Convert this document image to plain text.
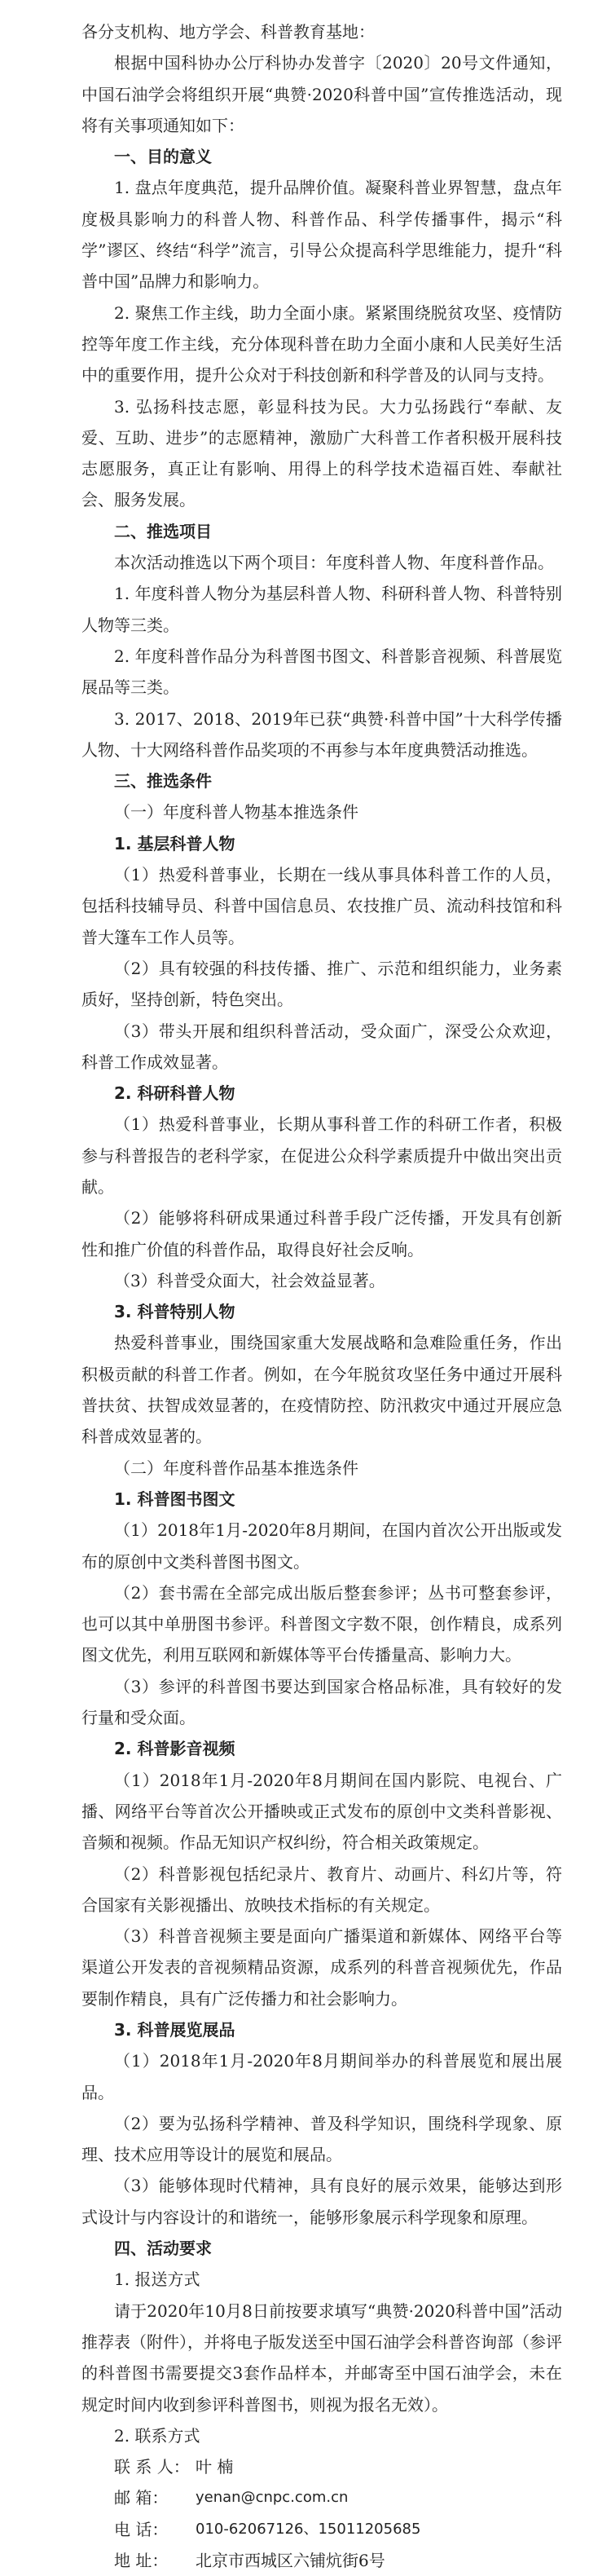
各分支机构、地方学会、科普教育基地：

根据中国科协办公厅科协办发普字〔2020〕20号文件通知，中国石油学会将组织开展“典赞·2020科普中国”宣传推选活动，现将有关事项通知如下：

一、目的意义

1. 盘点年度典范，提升品牌价值。凝聚科普业界智慧，盘点年度极具影响力的科普人物、科普作品、科学传播事件，揭示“科学”谬区、终结“科学”流言，引导公众提高科学思维能力，提升“科普中国”品牌力和影响力。

2. 聚焦工作主线，助力全面小康。紧紧围绕脱贫攻坚、疫情防控等年度工作主线，充分体现科普在助力全面小康和人民美好生活中的重要作用，提升公众对于科技创新和科学普及的认同与支持。

3. 弘扬科技志愿，彰显科技为民。大力弘扬践行“奉献、友爱、互助、进步”的志愿精神，激励广大科普工作者积极开展科技志愿服务，真正让有影响、用得上的科学技术造福百姓、奉献社会、服务发展。

二、推选项目

本次活动推选以下两个项目：年度科普人物、年度科普作品。

1. 年度科普人物分为基层科普人物、科研科普人物、科普特别人物等三类。

2. 年度科普作品分为科普图书图文、科普影音视频、科普展览展品等三类。

3. 2017、2018、2019年已获“典赞·科普中国”十大科学传播人物、十大网络科普作品奖项的不再参与本年度典赞活动推选。

三、推选条件

（一）年度科普人物基本推选条件

1. 基层科普人物

（1）热爱科普事业，长期在一线从事具体科普工作的人员，包括科技辅导员、科普中国信息员、农技推广员、流动科技馆和科普大篷车工作人员等。

（2）具有较强的科技传播、推广、示范和组织能力，业务素质好，坚持创新，特色突出。

（3）带头开展和组织科普活动，受众面广，深受公众欢迎，科普工作成效显著。

2. 科研科普人物

（1）热爱科普事业，长期从事科普工作的科研工作者，积极参与科普报告的老科学家，在促进公众科学素质提升中做出突出贡献。

（2）能够将科研成果通过科普手段广泛传播，开发具有创新性和推广价值的科普作品，取得良好社会反响。

（3）科普受众面大，社会效益显著。

3. 科普特别人物

热爱科普事业，围绕国家重大发展战略和急难险重任务，作出积极贡献的科普工作者。例如，在今年脱贫攻坚任务中通过开展科普扶贫、扶智成效显著的，在疫情防控、防汛救灾中通过开展应急科普成效显著的。

（二）年度科普作品基本推选条件

1. 科普图书图文

（1）2018年1月-2020年8月期间，在国内首次公开出版或发布的原创中文类科普图书图文。

（2）套书需在全部完成出版后整套参评；丛书可整套参评，也可以其中单册图书参评。科普图文字数不限，创作精良，成系列图文优先，利用互联网和新媒体等平台传播量高、影响力大。

（3）参评的科普图书要达到国家合格品标准，具有较好的发行量和受众面。

2. 科普影音视频

（1）2018年1月-2020年8月期间在国内影院、电视台、广播、网络平台等首次公开播映或正式发布的原创中文类科普影视、音频和视频。作品无知识产权纠纷，符合相关政策规定。

（2）科普影视包括纪录片、教育片、动画片、科幻片等，符合国家有关影视播出、放映技术指标的有关规定。

（3）科普音视频主要是面向广播渠道和新媒体、网络平台等渠道公开发表的音视频精品资源，成系列的科普音视频优先，作品要制作精良，具有广泛传播力和社会影响力。

3. 科普展览展品

（1）2018年1月-2020年8月期间举办的科普展览和展出展品。

（2）要为弘扬科学精神、普及科学知识，围绕科学现象、原理、技术应用等设计的展览和展品。

（3）能够体现时代精神，具有良好的展示效果，能够达到形式设计与内容设计的和谐统一，能够形象展示科学现象和原理。

四、活动要求

1. 报送方式

请于2020年10月8日前按要求填写“典赞·2020科普中国”活动推荐表（附件），并将电子版发送至中国石油学会科普咨询部（参评的科普图书需要提交3套作品样本，并邮寄至中国石油学会，未在规定时间内收到参评科普图书，则视为报名无效）。

2. 联系方式

联 系 人： 叶 楠
邮 箱：	yenan@cnpc.com.cn
电 话：	010-62067126、15011205685
地 址：	北京市西城区六铺炕街6号
